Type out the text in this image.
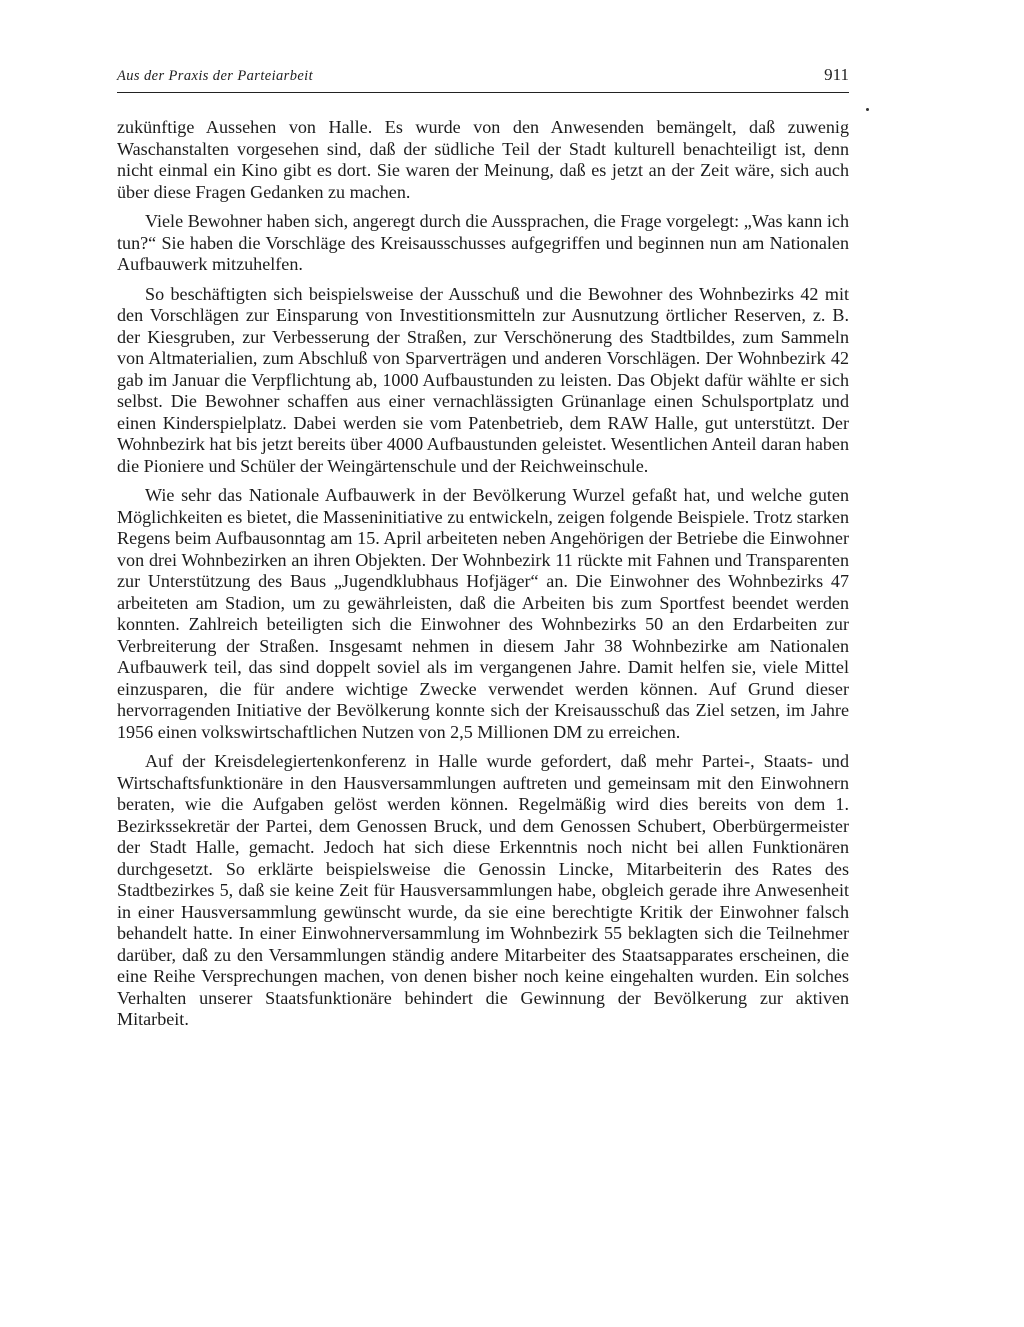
Aus der Praxis der Parteiarbeit	911

zukünftige Aussehen von Halle. Es wurde von den Anwesenden bemängelt, daß zuwenig Waschanstalten vorgesehen sind, daß der südliche Teil der Stadt kulturell benachteiligt ist, denn nicht einmal ein Kino gibt es dort. Sie waren der Meinung, daß es jetzt an der Zeit wäre, sich auch über diese Fragen Gedanken zu machen.

Viele Bewohner haben sich, angeregt durch die Aussprachen, die Frage vorgelegt: „Was kann ich tun?“ Sie haben die Vorschläge des Kreisausschusses aufgegriffen und beginnen nun am Nationalen Aufbauwerk mitzuhelfen.

So beschäftigten sich beispielsweise der Ausschuß und die Bewohner des Wohnbezirks 42 mit den Vorschlägen zur Einsparung von Investitionsmitteln zur Ausnutzung örtlicher Reserven, z. B. der Kiesgruben, zur Verbesserung der Straßen, zur Verschönerung des Stadtbildes, zum Sammeln von Altmaterialien, zum Abschluß von Sparverträgen und anderen Vorschlägen. Der Wohnbezirk 42 gab im Januar die Verpflichtung ab, 1000 Aufbaustunden zu leisten. Das Objekt dafür wählte er sich selbst. Die Bewohner schaffen aus einer vernachlässigten Grünanlage einen Schulsportplatz und einen Kinderspielplatz. Dabei werden sie vom Patenbetrieb, dem RAW Halle, gut unterstützt. Der Wohnbezirk hat bis jetzt bereits über 4000 Aufbaustunden geleistet. Wesentlichen Anteil daran haben die Pioniere und Schüler der Weingärtenschule und der Reichweinschule.

Wie sehr das Nationale Aufbauwerk in der Bevölkerung Wurzel gefaßt hat, und welche guten Möglichkeiten es bietet, die Masseninitiative zu entwickeln, zeigen folgende Beispiele. Trotz starken Regens beim Aufbausonntag am 15. April arbeiteten neben Angehörigen der Betriebe die Einwohner von drei Wohnbezirken an ihren Objekten. Der Wohnbezirk 11 rückte mit Fahnen und Transparenten zur Unterstützung des Baus „Jugendklubhaus Hofjäger“ an. Die Einwohner des Wohnbezirks 47 arbeiteten am Stadion, um zu gewährleisten, daß die Arbeiten bis zum Sportfest beendet werden konnten. Zahlreich beteiligten sich die Einwohner des Wohnbezirks 50 an den Erdarbeiten zur Verbreiterung der Straßen. Insgesamt nehmen in diesem Jahr 38 Wohnbezirke am Nationalen Aufbauwerk teil, das sind doppelt soviel als im vergangenen Jahre. Damit helfen sie, viele Mittel einzusparen, die für andere wichtige Zwecke verwendet werden können. Auf Grund dieser hervorragenden Initiative der Bevölkerung konnte sich der Kreisausschuß das Ziel setzen, im Jahre 1956 einen volkswirtschaftlichen Nutzen von 2,5 Millionen DM zu erreichen.

Auf der Kreisdelegiertenkonferenz in Halle wurde gefordert, daß mehr Partei-, Staats- und Wirtschaftsfunktionäre in den Hausversammlungen auftreten und gemeinsam mit den Einwohnern beraten, wie die Aufgaben gelöst werden können. Regelmäßig wird dies bereits von dem 1. Bezirkssekretär der Partei, dem Genossen Bruck, und dem Genossen Schubert, Oberbürgermeister der Stadt Halle, gemacht. Jedoch hat sich diese Erkenntnis noch nicht bei allen Funktionären durchgesetzt. So erklärte beispielsweise die Genossin Lincke, Mitarbeiterin des Rates des Stadtbezirkes 5, daß sie keine Zeit für Hausversammlungen habe, obgleich gerade ihre Anwesenheit in einer Hausversammlung gewünscht wurde, da sie eine berechtigte Kritik der Einwohner falsch behandelt hatte. In einer Einwohnerversammlung im Wohnbezirk 55 beklagten sich die Teilnehmer darüber, daß zu den Versammlungen ständig andere Mitarbeiter des Staatsapparates erscheinen, die eine Reihe Versprechungen machen, von denen bisher noch keine eingehalten wurden. Ein solches Verhalten unserer Staatsfunktionäre behindert die Gewinnung der Bevölkerung zur aktiven Mitarbeit.
